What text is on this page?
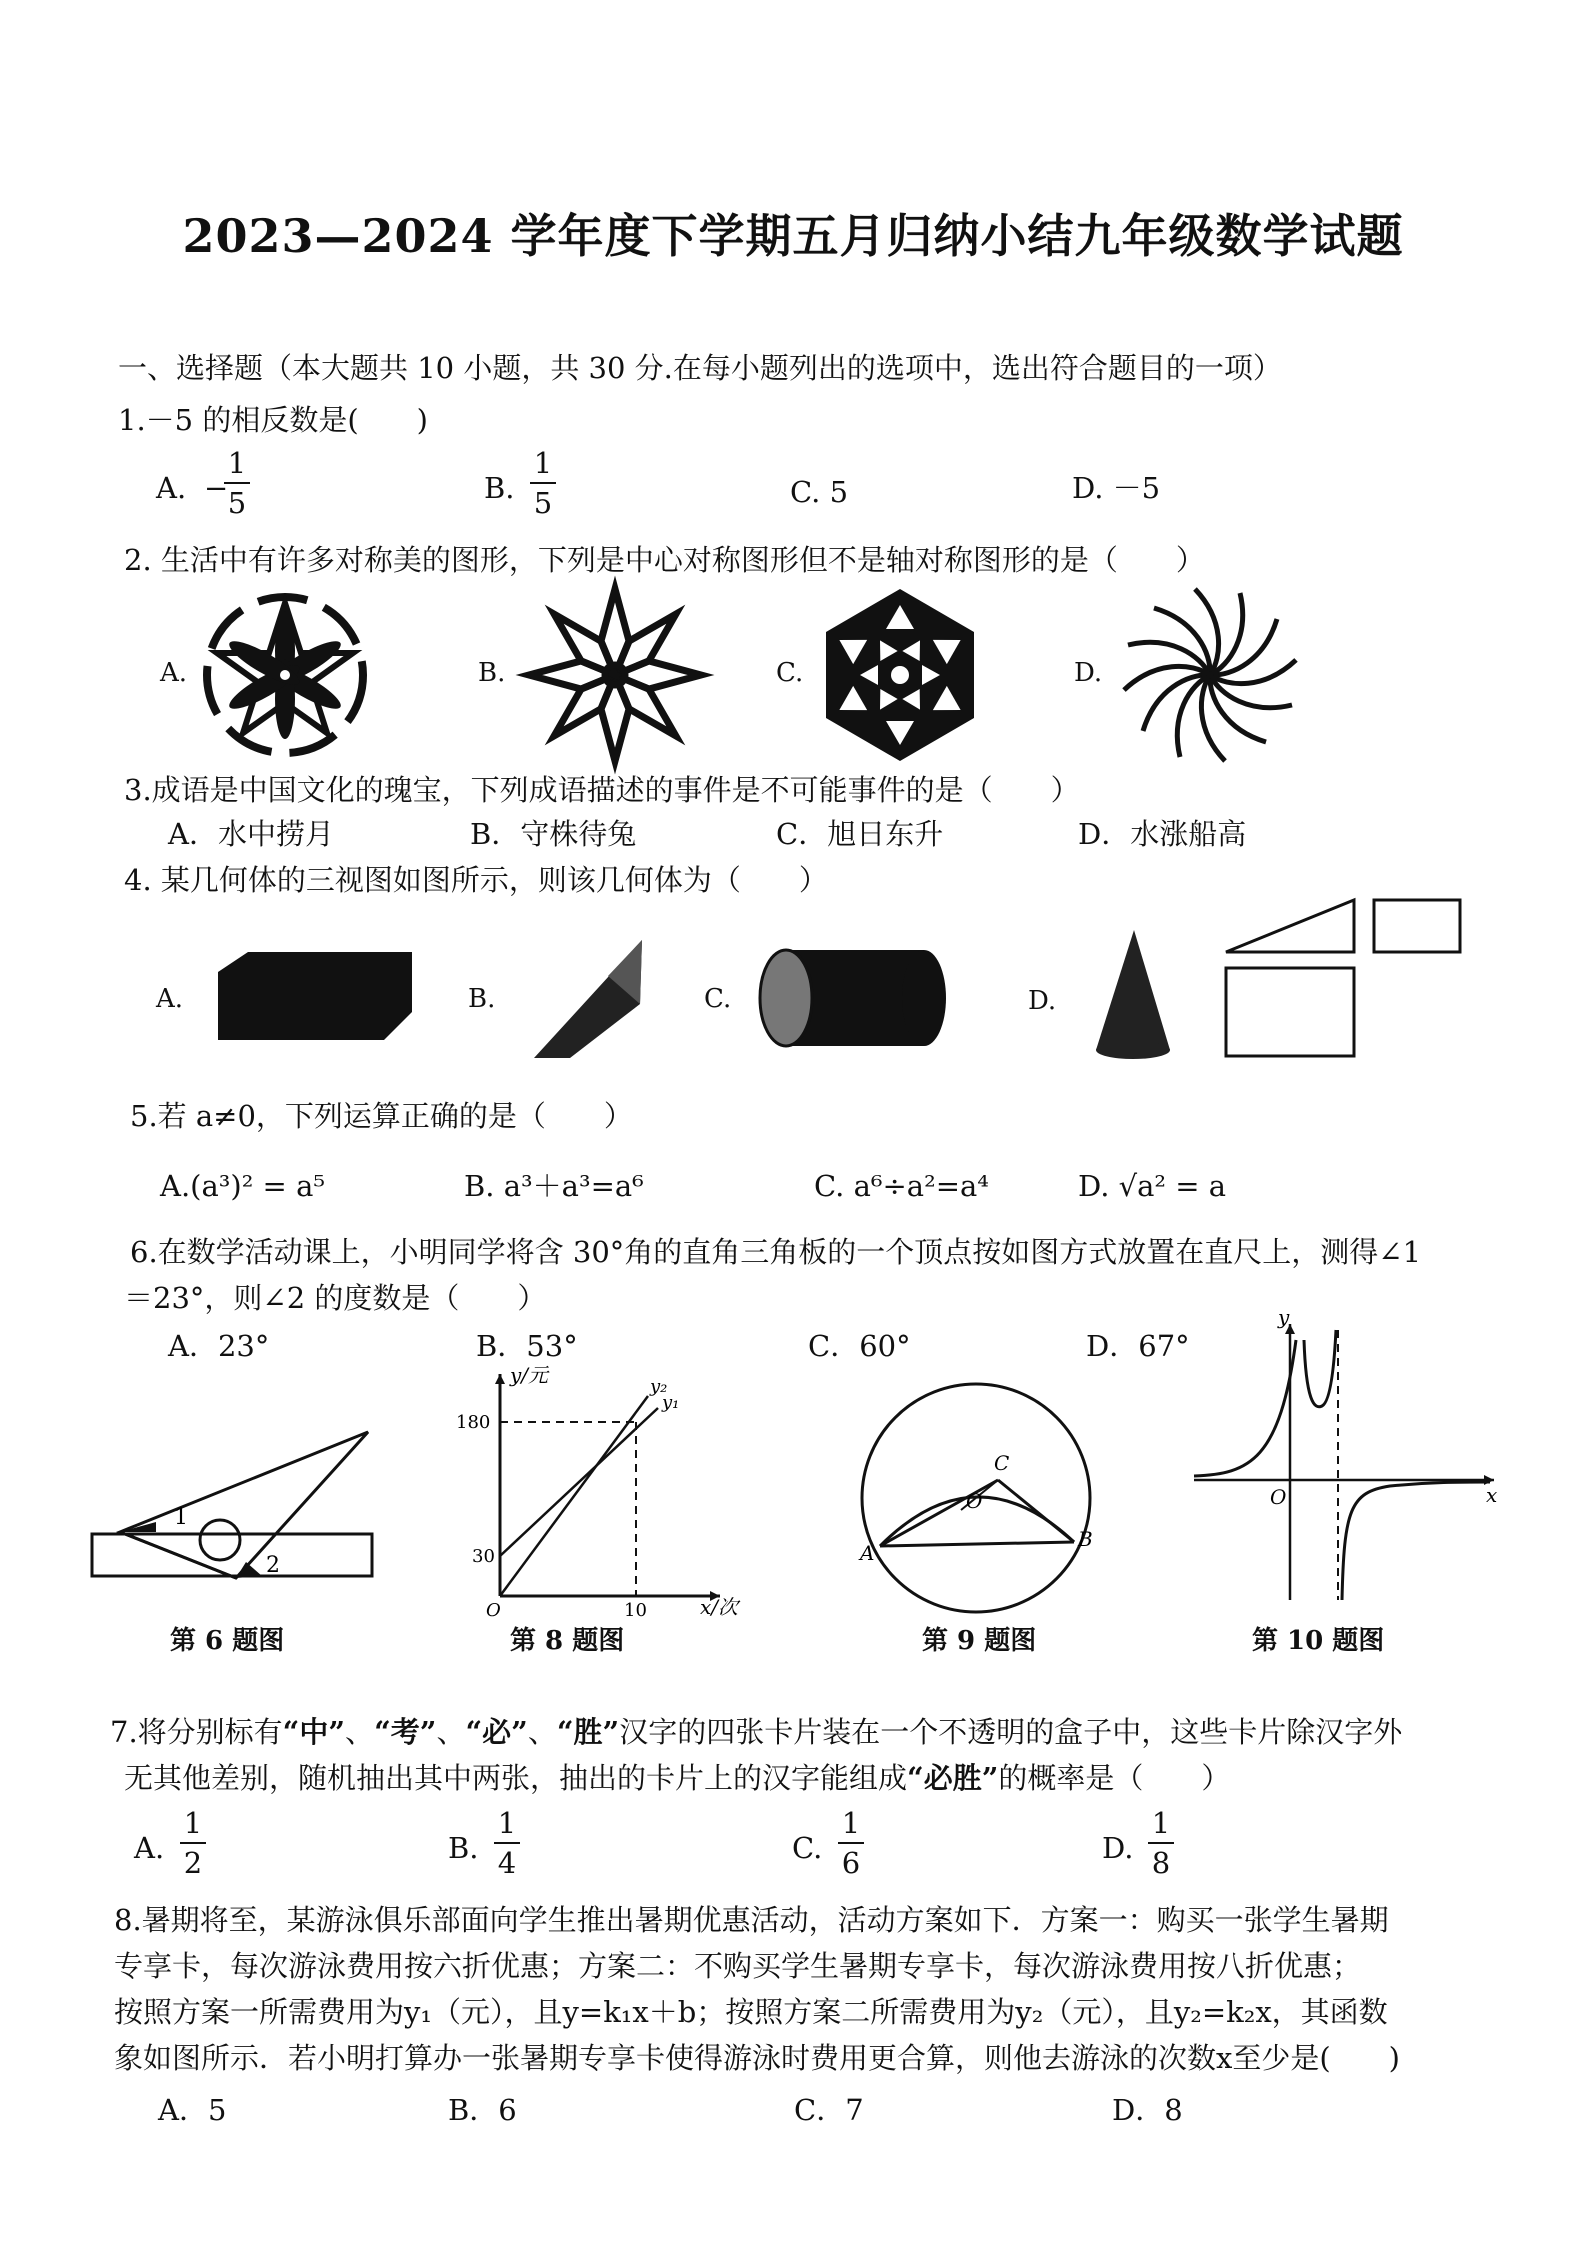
2023—2024 学年度下学期五月归纳小结九年级数学试题
一、选择题（本大题共 10 小题，共 30 分.在每小题列出的选项中，选出符合题目的一项）
1.－5 的相反数是(　　)
A. −
1
5	B.
1
5	C. 5	D. －5
2. 生活中有许多对称美的图形，下列是中心对称图形但不是轴对称图形的是（　　）
A.	B.	C.	D.
3.成语是中国文化的瑰宝，下列成语描述的事件是不可能事件的是（　　）
A．水中捞月	B．守株待兔	C．旭日东升	D．水涨船高
4. 某几何体的三视图如图所示，则该几何体为（　　）
A.	B.	C.	D.
5.若 a≠0，下列运算正确的是（　　）
A.(a³)² = a⁵	B. a³＋a³=a⁶	C. a⁶÷a²=a⁴	D. √a² = a
6.在数学活动课上，小明同学将含 30°角的直角三角板的一个顶点按如图方式放置在直尺上，测得∠1
＝23°，则∠2 的度数是（　　）
A．23°	B．53°	C．60°	D．67°
1
2
第 6 题图
y/元
x/次
y₂
y₁
180
30
10
O
第 8 题图
A
B
C
O
第 9 题图
y
x
O
第 10 题图
7.将分别标有“中”、“考”、“必”、“胜”汉字的四张卡片装在一个不透明的盒子中，这些卡片除汉字外
无其他差别，随机抽出其中两张，抽出的卡片上的汉字能组成“必胜”的概率是（　　）
A.
1
2	B.
1
4	C.
1
6	D.
1
8
8.暑期将至，某游泳俱乐部面向学生推出暑期优惠活动，活动方案如下．方案一：购买一张学生暑期
专享卡，每次游泳费用按六折优惠；方案二：不购买学生暑期专享卡，每次游泳费用按八折优惠；
按照方案一所需费用为y₁（元），且y=k₁x＋b；按照方案二所需费用为y₂（元），且y₂=k₂x，其函数
象如图所示．若小明打算办一张暑期专享卡使得游泳时费用更合算，则他去游泳的次数x至少是(　　)
A．5	B．6	C．7	D．8
